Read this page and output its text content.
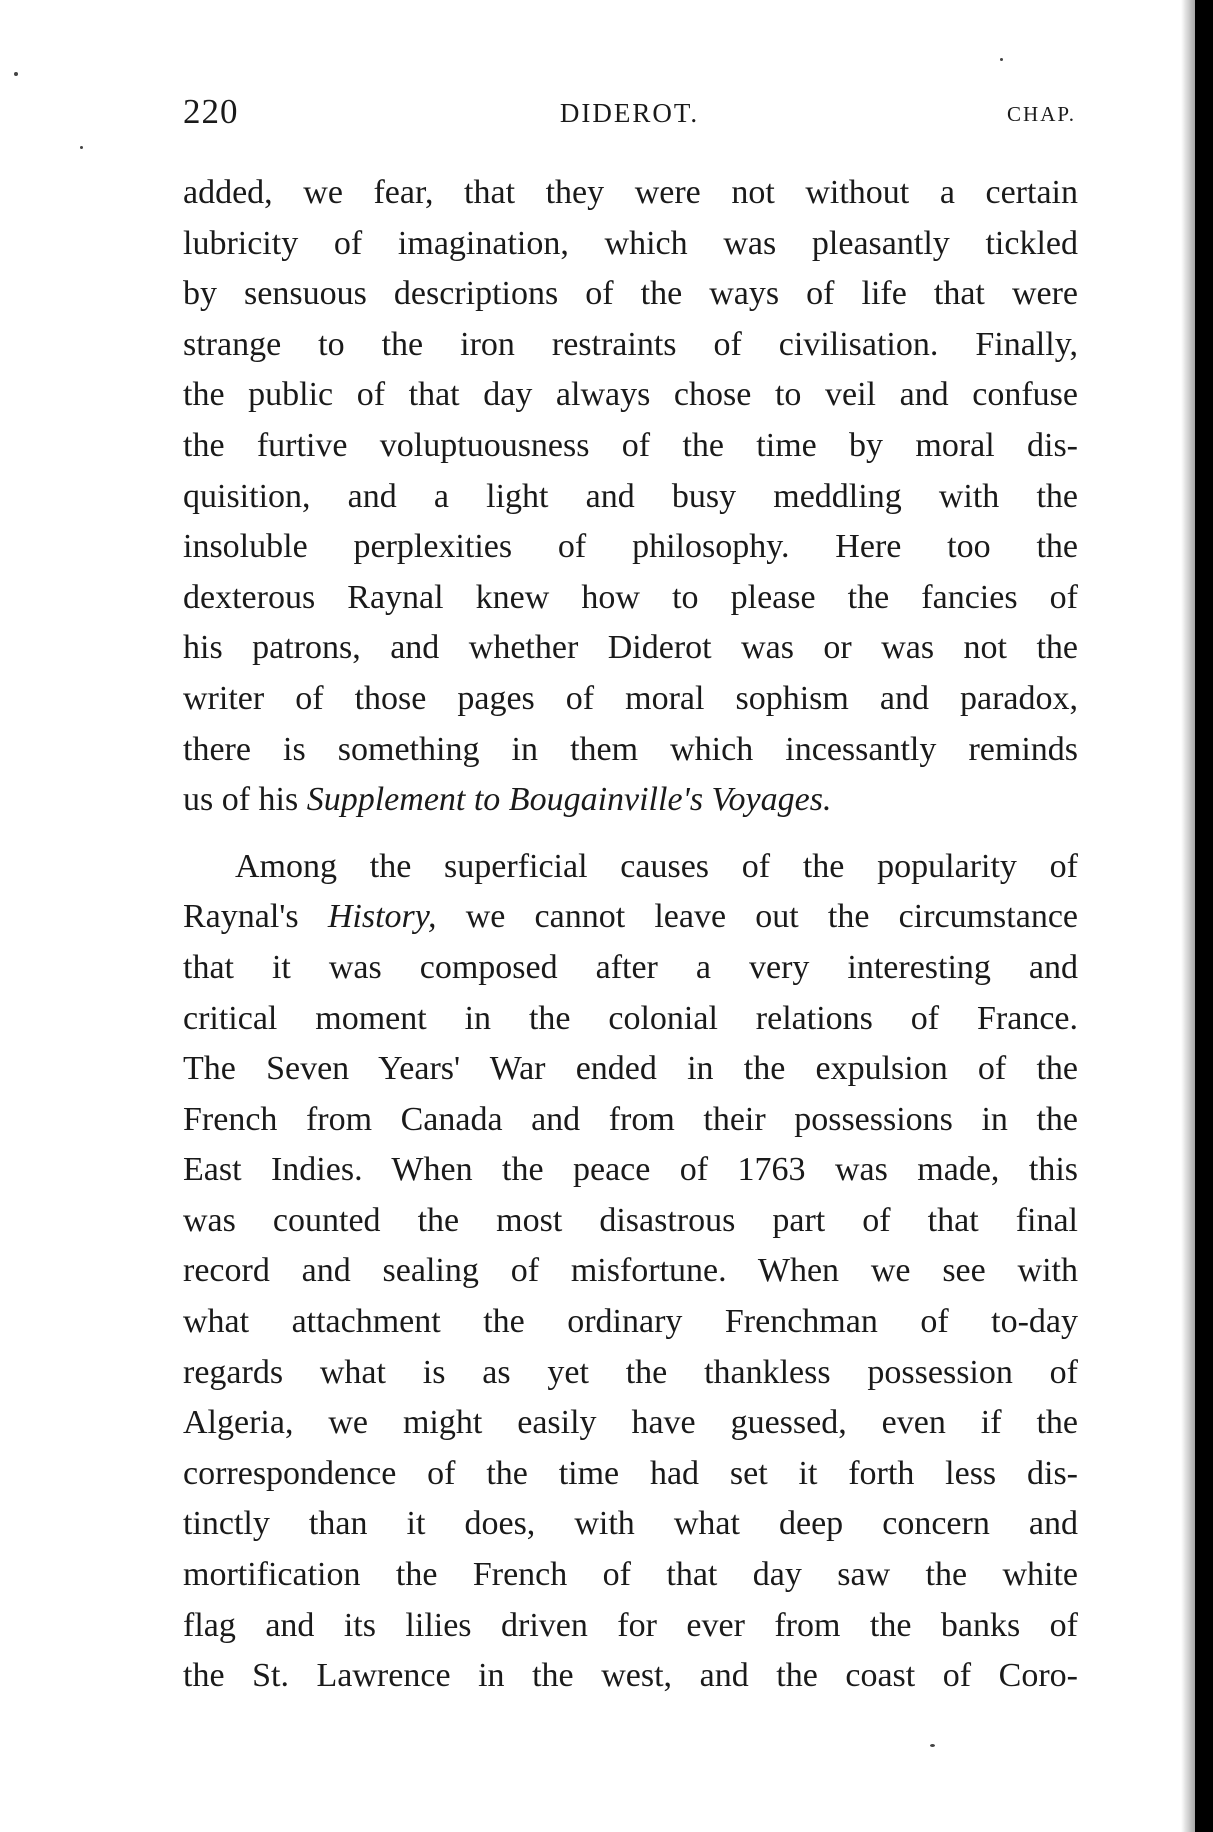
220	DIDEROT.	CHAP.
added, we fear, that they were not without a certain
lubricity of imagination, which was pleasantly tickled
by sensuous descriptions of the ways of life that were
strange to the iron restraints of civilisation. Finally,
the public of that day always chose to veil and confuse
the furtive voluptuousness of the time by moral dis-
quisition, and a light and busy meddling with the
insoluble perplexities of philosophy. Here too the
dexterous Raynal knew how to please the fancies of
his patrons, and whether Diderot was or was not the
writer of those pages of moral sophism and paradox,
there is something in them which incessantly reminds
us of his Supplement to Bougainville's Voyages.
Among the superficial causes of the popularity of
Raynal's History, we cannot leave out the circumstance
that it was composed after a very interesting and
critical moment in the colonial relations of France.
The Seven Years' War ended in the expulsion of the
French from Canada and from their possessions in the
East Indies. When the peace of 1763 was made, this
was counted the most disastrous part of that final
record and sealing of misfortune. When we see with
what attachment the ordinary Frenchman of to-day
regards what is as yet the thankless possession of
Algeria, we might easily have guessed, even if the
correspondence of the time had set it forth less dis-
tinctly than it does, with what deep concern and
mortification the French of that day saw the white
flag and its lilies driven for ever from the banks of
the St. Lawrence in the west, and the coast of Coro-
